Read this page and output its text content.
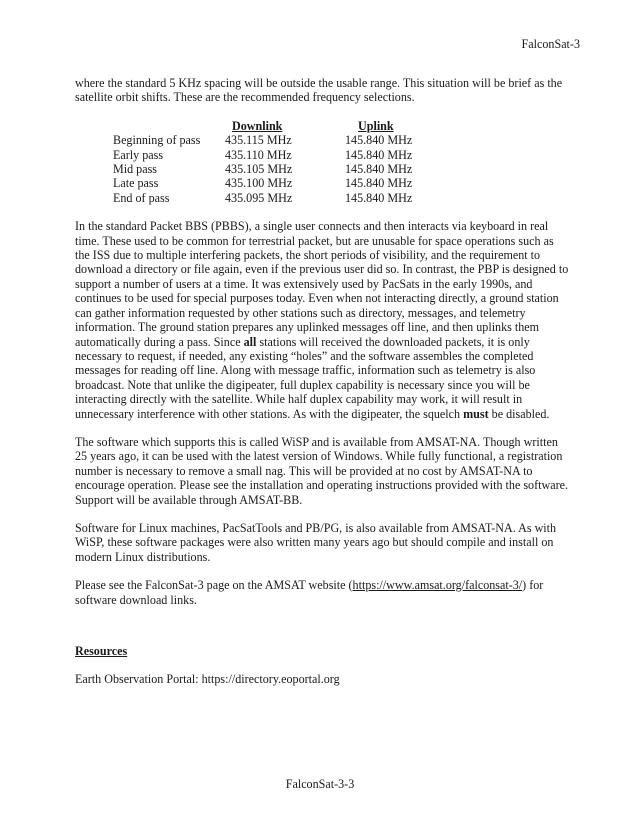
FalconSat-3

where the standard 5 KHz spacing will be outside the usable range. This situation will be brief as the satellite orbit shifts. These are the recommended frequency selections.

	Downlink	Uplink
Beginning of pass	435.115 MHz	145.840 MHz
Early pass	435.110 MHz	145.840 MHz
Mid pass	435.105 MHz	145.840 MHz
Late pass	435.100 MHz	145.840 MHz
End of pass	435.095 MHz	145.840 MHz

In the standard Packet BBS (PBBS), a single user connects and then interacts via keyboard in real time. These used to be common for terrestrial packet, but are unusable for space operations such as the ISS due to multiple interfering packets, the short periods of visibility, and the requirement to download a directory or file again, even if the previous user did so. In contrast, the PBP is designed to support a number of users at a time. It was extensively used by PacSats in the early 1990s, and continues to be used for special purposes today. Even when not interacting directly, a ground station can gather information requested by other stations such as directory, messages, and telemetry information. The ground station prepares any uplinked messages off line, and then uplinks them automatically during a pass. Since all stations will received the downloaded packets, it is only necessary to request, if needed, any existing “holes” and the software assembles the completed messages for reading off line. Along with message traffic, information such as telemetry is also broadcast. Note that unlike the digipeater, full duplex capability is necessary since you will be interacting directly with the satellite. While half duplex capability may work, it will result in unnecessary interference with other stations. As with the digipeater, the squelch must be disabled.

The software which supports this is called WiSP and is available from AMSAT-NA. Though written 25 years ago, it can be used with the latest version of Windows. While fully functional, a registration number is necessary to remove a small nag. This will be provided at no cost by AMSAT-NA to encourage operation. Please see the installation and operating instructions provided with the software. Support will be available through AMSAT-BB.

Software for Linux machines, PacSatTools and PB/PG, is also available from AMSAT-NA. As with WiSP, these software packages were also written many years ago but should compile and install on modern Linux distributions.

Please see the FalconSat-3 page on the AMSAT website (https://www.amsat.org/falconsat-3/) for software download links.

Resources

Earth Observation Portal: https://directory.eoportal.org

FalconSat-3-3
